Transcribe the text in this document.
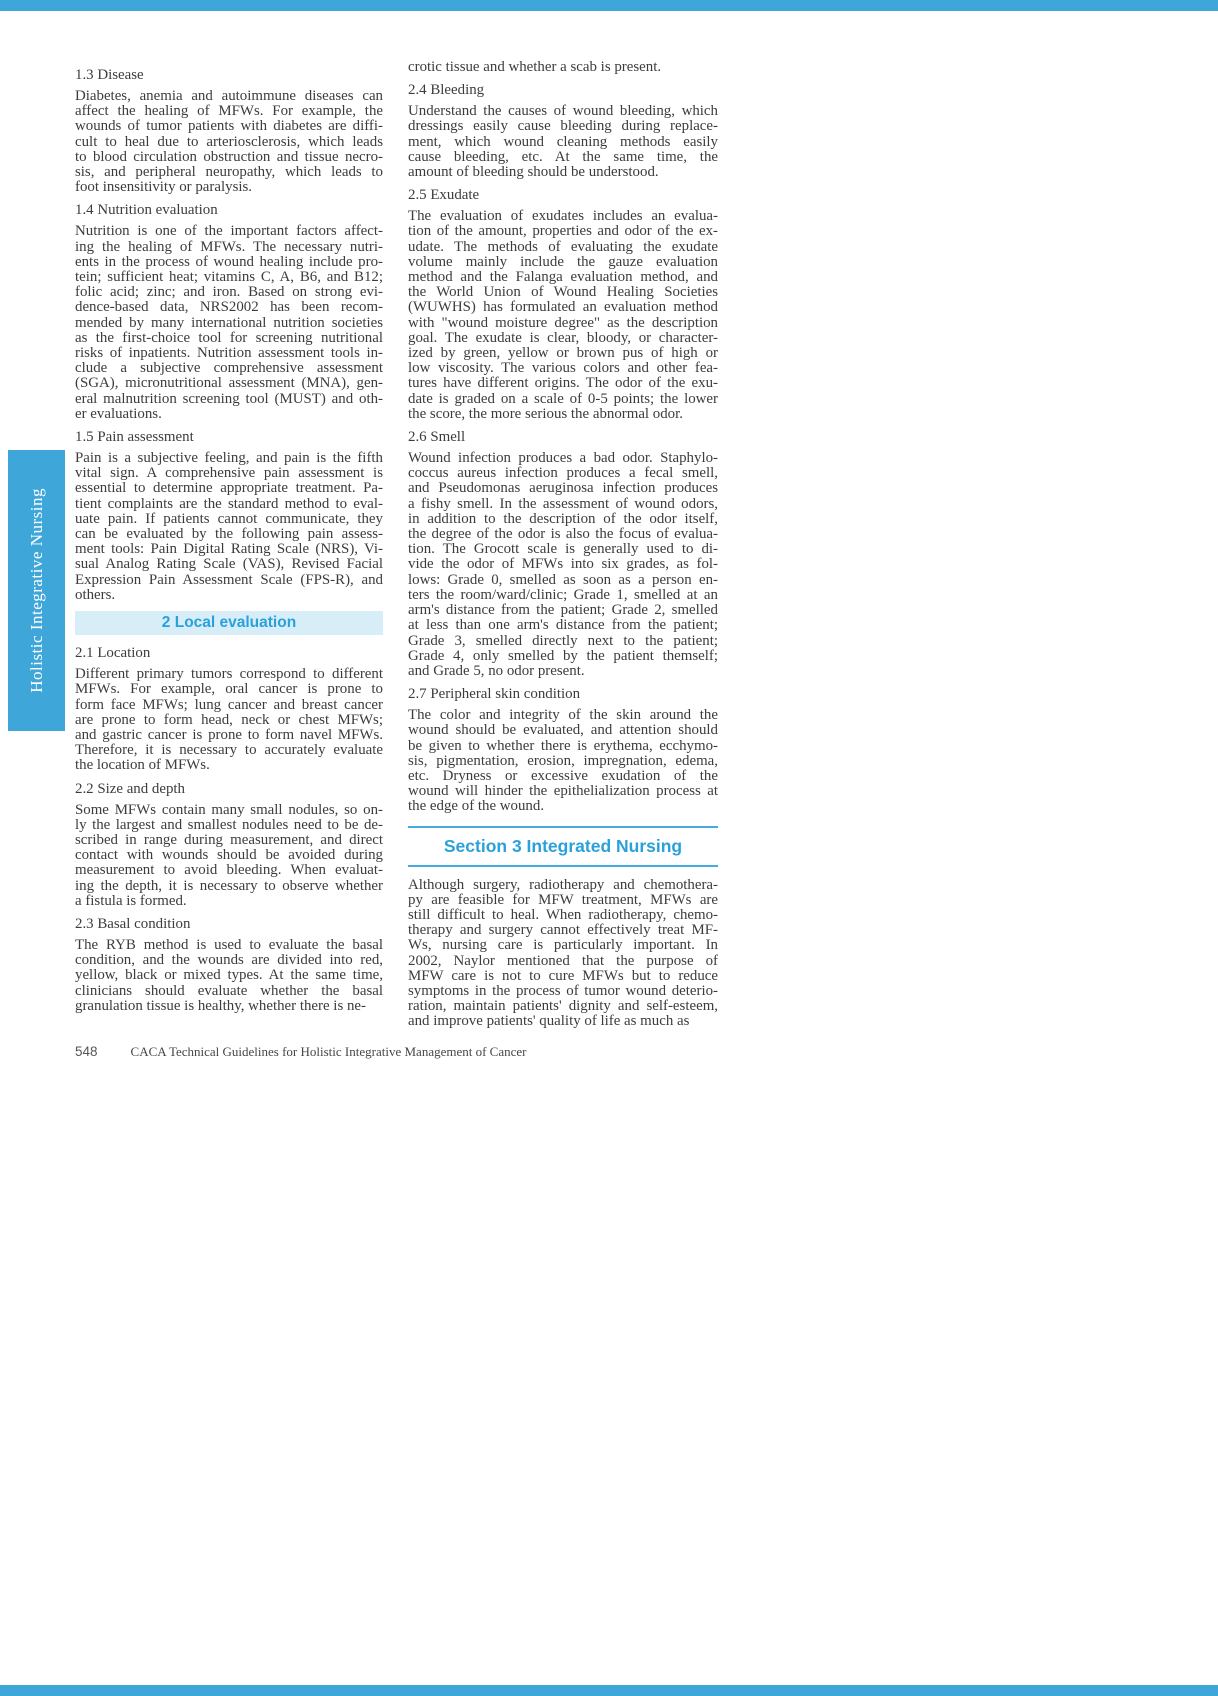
Holistic Integrative Nursing
1.3 Disease
Diabetes, anemia and autoimmune diseases can
affect the healing of MFWs. For example, the
wounds of tumor patients with diabetes are diffi-
cult to heal due to arteriosclerosis, which leads
to blood circulation obstruction and tissue necro-
sis, and peripheral neuropathy, which leads to
foot insensitivity or paralysis.
1.4 Nutrition evaluation
Nutrition is one of the important factors affect-
ing the healing of MFWs. The necessary nutri-
ents in the process of wound healing include pro-
tein; sufficient heat; vitamins C, A, B6, and B12;
folic acid; zinc; and iron. Based on strong evi-
dence-based data, NRS2002 has been recom-
mended by many international nutrition societies
as the first-choice tool for screening nutritional
risks of inpatients. Nutrition assessment tools in-
clude a subjective comprehensive assessment
(SGA), micronutritional assessment (MNA), gen-
eral malnutrition screening tool (MUST) and oth-
er evaluations.
1.5 Pain assessment
Pain is a subjective feeling, and pain is the fifth
vital sign. A comprehensive pain assessment is
essential to determine appropriate treatment. Pa-
tient complaints are the standard method to eval-
uate pain. If patients cannot communicate, they
can be evaluated by the following pain assess-
ment tools: Pain Digital Rating Scale (NRS), Vi-
sual Analog Rating Scale (VAS), Revised Facial
Expression Pain Assessment Scale (FPS-R), and
others.
2 Local evaluation
2.1 Location
Different primary tumors correspond to different
MFWs. For example, oral cancer is prone to
form face MFWs; lung cancer and breast cancer
are prone to form head, neck or chest MFWs;
and gastric cancer is prone to form navel MFWs.
Therefore, it is necessary to accurately evaluate
the location of MFWs.
2.2 Size and depth
Some MFWs contain many small nodules, so on-
ly the largest and smallest nodules need to be de-
scribed in range during measurement, and direct
contact with wounds should be avoided during
measurement to avoid bleeding. When evaluat-
ing the depth, it is necessary to observe whether
a fistula is formed.
2.3 Basal condition
The RYB method is used to evaluate the basal
condition, and the wounds are divided into red,
yellow, black or mixed types. At the same time,
clinicians should evaluate whether the basal
granulation tissue is healthy, whether there is ne-
crotic tissue and whether a scab is present.
2.4 Bleeding
Understand the causes of wound bleeding, which
dressings easily cause bleeding during replace-
ment, which wound cleaning methods easily
cause bleeding, etc. At the same time, the
amount of bleeding should be understood.
2.5 Exudate
The evaluation of exudates includes an evalua-
tion of the amount, properties and odor of the ex-
udate. The methods of evaluating the exudate
volume mainly include the gauze evaluation
method and the Falanga evaluation method, and
the World Union of Wound Healing Societies
(WUWHS) has formulated an evaluation method
with "wound moisture degree" as the description
goal. The exudate is clear, bloody, or character-
ized by green, yellow or brown pus of high or
low viscosity. The various colors and other fea-
tures have different origins. The odor of the exu-
date is graded on a scale of 0-5 points; the lower
the score, the more serious the abnormal odor.
2.6 Smell
Wound infection produces a bad odor. Staphylo-
coccus aureus infection produces a fecal smell,
and Pseudomonas aeruginosa infection produces
a fishy smell. In the assessment of wound odors,
in addition to the description of the odor itself,
the degree of the odor is also the focus of evalua-
tion. The Grocott scale is generally used to di-
vide the odor of MFWs into six grades, as fol-
lows: Grade 0, smelled as soon as a person en-
ters the room/ward/clinic; Grade 1, smelled at an
arm's distance from the patient; Grade 2, smelled
at less than one arm's distance from the patient;
Grade 3, smelled directly next to the patient;
Grade 4, only smelled by the patient themself;
and Grade 5, no odor present.
2.7 Peripheral skin condition
The color and integrity of the skin around the
wound should be evaluated, and attention should
be given to whether there is erythema, ecchymo-
sis, pigmentation, erosion, impregnation, edema,
etc. Dryness or excessive exudation of the
wound will hinder the epithelialization process at
the edge of the wound.
Section 3 Integrated Nursing
Although surgery, radiotherapy and chemothera-
py are feasible for MFW treatment, MFWs are
still difficult to heal. When radiotherapy, chemo-
therapy and surgery cannot effectively treat MF-
Ws, nursing care is particularly important. In
2002, Naylor mentioned that the purpose of
MFW care is not to cure MFWs but to reduce
symptoms in the process of tumor wound deterio-
ration, maintain patients' dignity and self-esteem,
and improve patients' quality of life as much as
548	CACA Technical Guidelines for Holistic Integrative Management of Cancer
